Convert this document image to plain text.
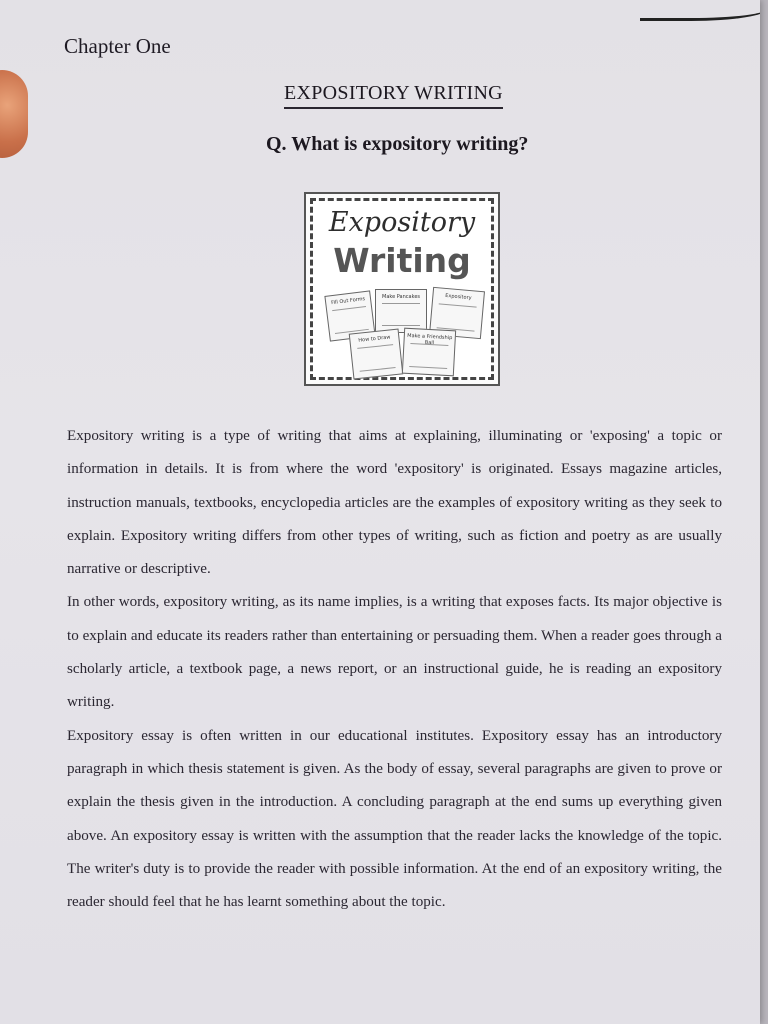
Chapter One
EXPOSITORY WRITING
Q. What is expository writing?
Expository
Writing
Fill Out Forms	Make Pancakes	Expository
How to Draw	Make a Friendship Ball

Expository writing is a type of writing that aims at explaining, illuminating or 'exposing' a topic or information in details. It is from where the word 'expository' is originated. Essays magazine articles, instruction manuals, textbooks, encyclopedia articles are the examples of expository writing as they seek to explain. Expository writing differs from other types of writing, such as fiction and poetry as are usually narrative or descriptive.

In other words, expository writing, as its name implies, is a writing that exposes facts. Its major objective is to explain and educate its readers rather than entertaining or persuading them. When a reader goes through a scholarly article, a textbook page, a news report, or an instructional guide, he is reading an expository writing.

Expository essay is often written in our educational institutes. Expository essay has an introductory paragraph in which thesis statement is given. As the body of essay, several paragraphs are given to prove or explain the thesis given in the introduction. A concluding paragraph at the end sums up everything given above. An expository essay is written with the assumption that the reader lacks the knowledge of the topic. The writer's duty is to provide the reader with possible information. At the end of an expository writing, the reader should feel that he has learnt something about the topic.
